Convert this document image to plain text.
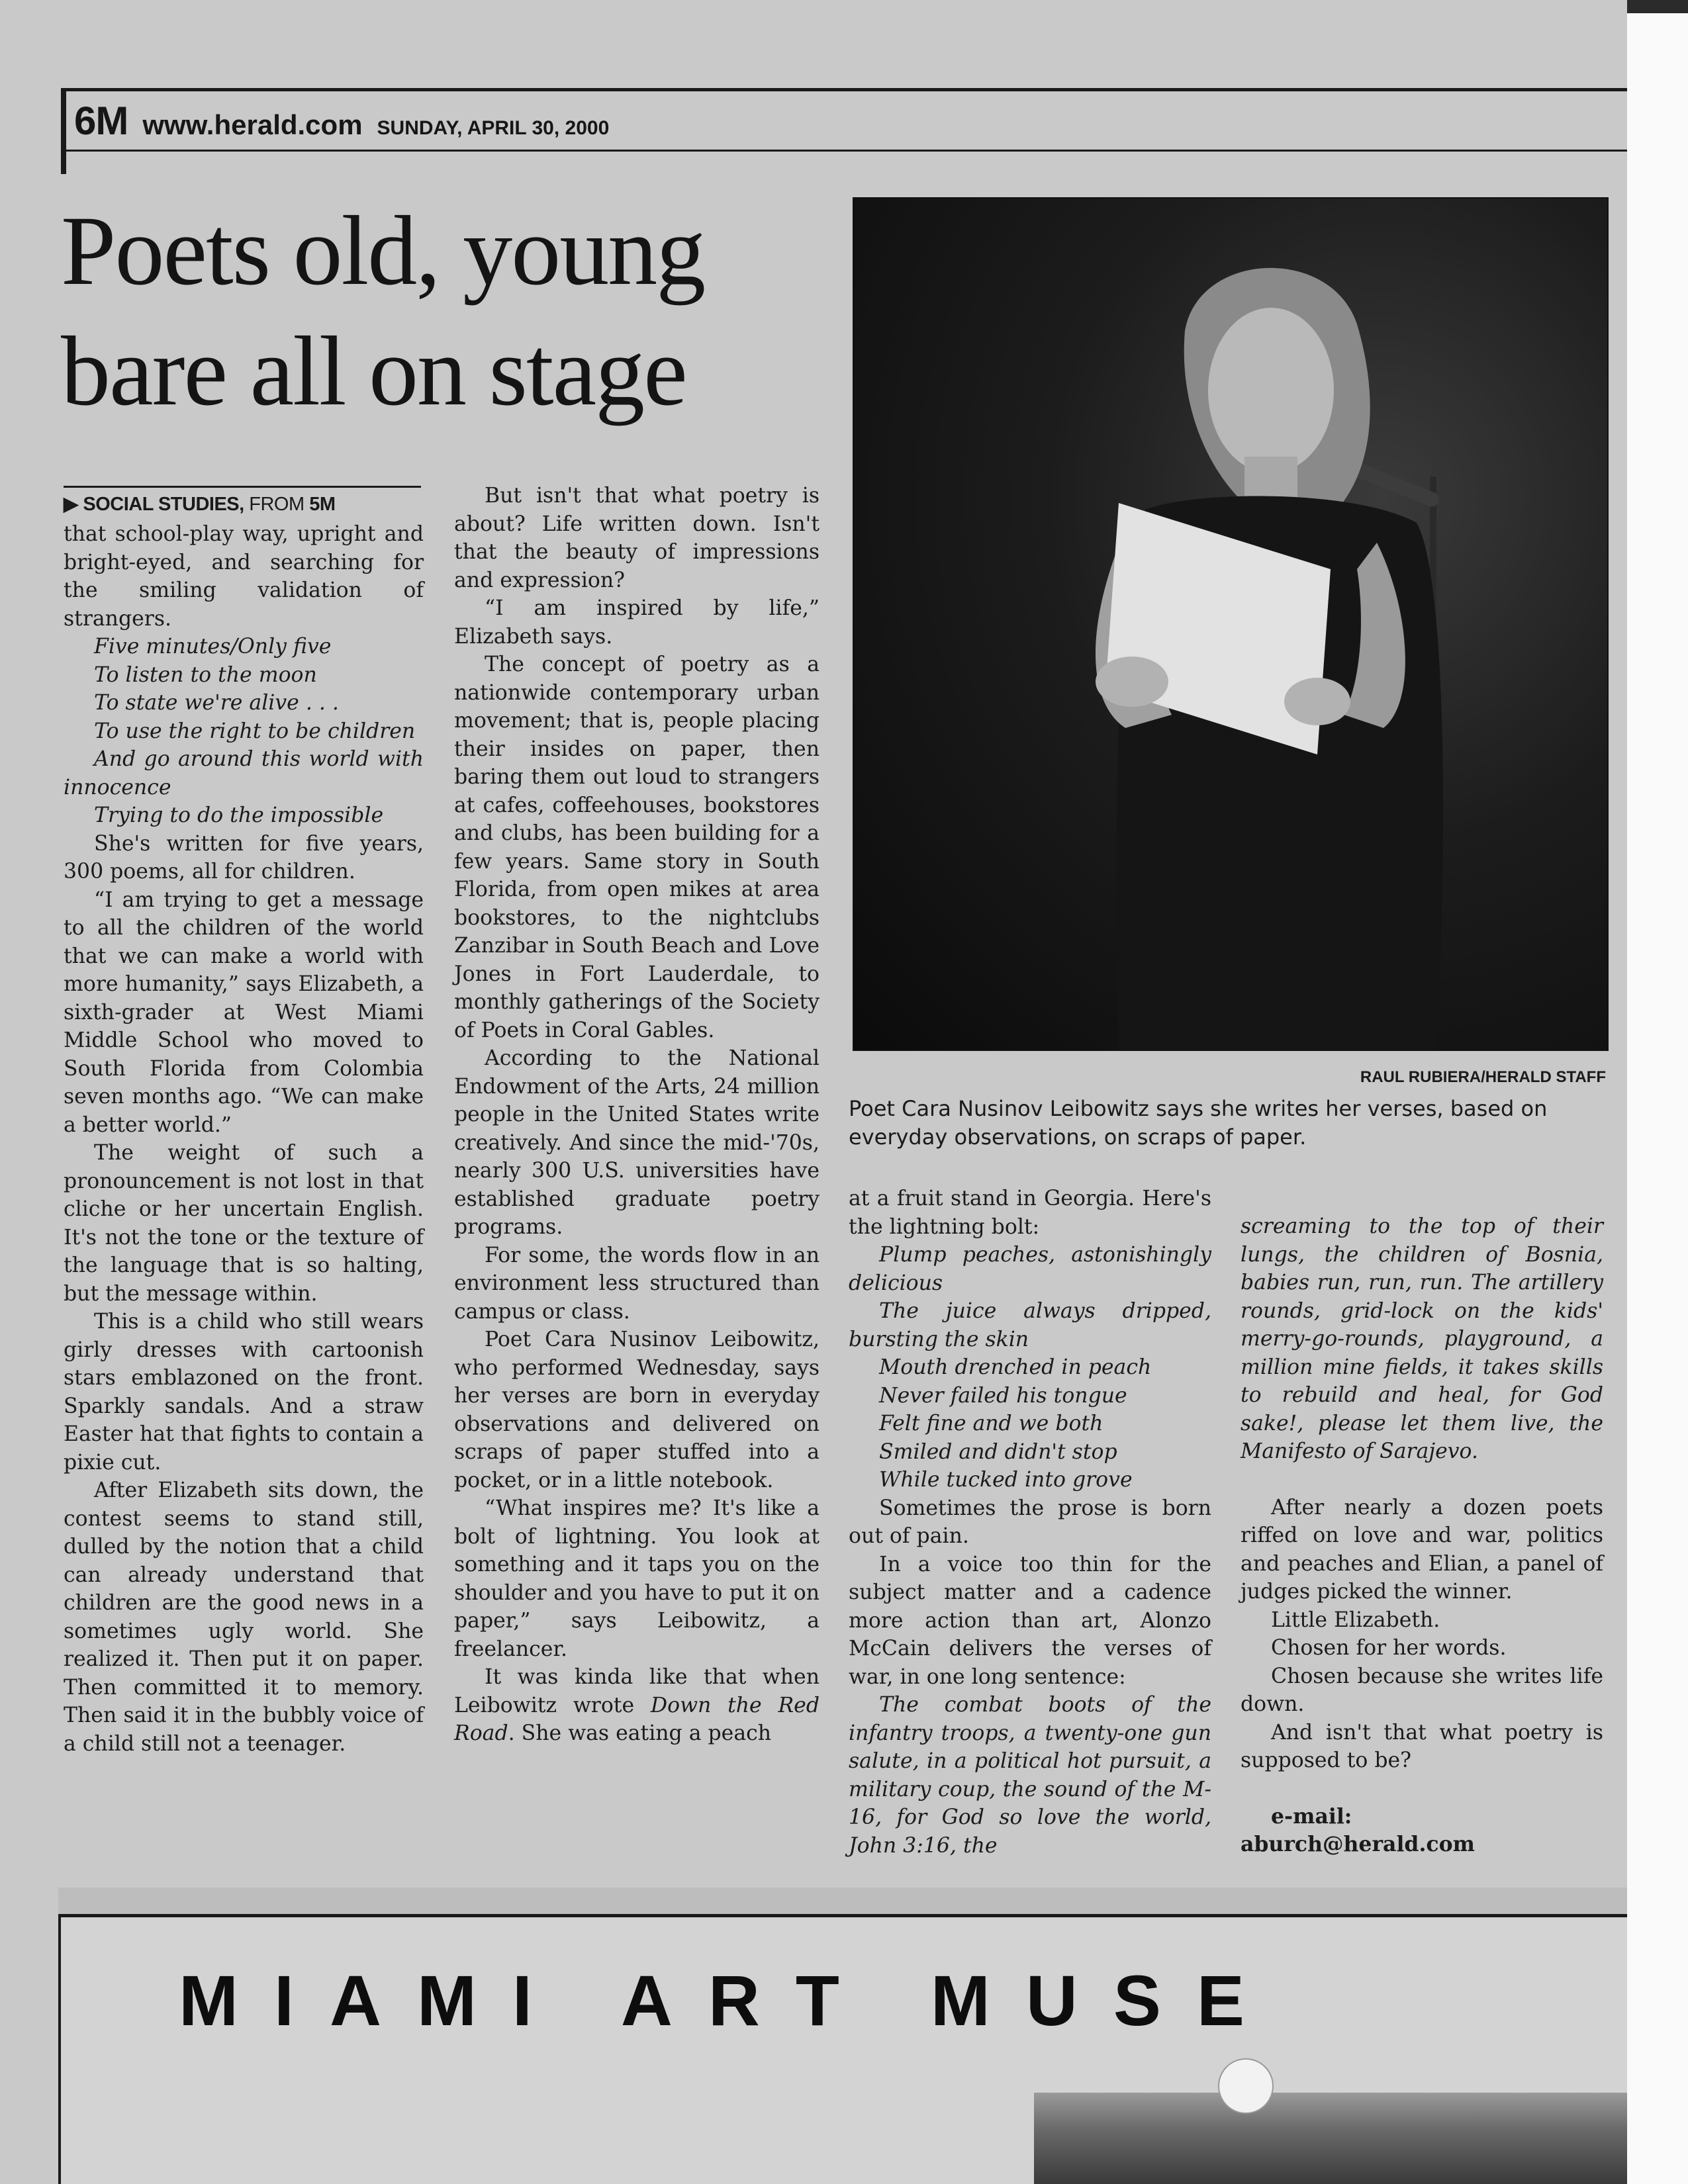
6M www.herald.com SUNDAY, APRIL 30, 2000
Poets old, young
bare all on stage
▶ SOCIAL STUDIES, FROM 5M

that school-play way, upright and bright-eyed, and searching for the smiling validation of strangers.

Five minutes/Only five

To listen to the moon

To state we're alive . . .

To use the right to be children

And go around this world with innocence

Trying to do the impossible

She's written for five years, 300 poems, all for children.

“I am trying to get a message to all the children of the world that we can make a world with more humanity,” says Elizabeth, a sixth-grader at West Miami Middle School who moved to South Florida from Colombia seven months ago. “We can make a better world.”

The weight of such a pronouncement is not lost in that cliche or her uncertain English. It's not the tone or the texture of the language that is so halting, but the message within.

This is a child who still wears girly dresses with cartoonish stars emblazoned on the front. Sparkly sandals. And a straw Easter hat that fights to contain a pixie cut.

After Elizabeth sits down, the contest seems to stand still, dulled by the notion that a child can already understand that children are the good news in a sometimes ugly world. She realized it. Then put it on paper. Then committed it to memory. Then said it in the bubbly voice of a child still not a teenager.

But isn't that what poetry is about? Life written down. Isn't that the beauty of impressions and expression?

“I am inspired by life,” Elizabeth says.

The concept of poetry as a nationwide contemporary urban movement; that is, people placing their insides on paper, then baring them out loud to strangers at cafes, coffeehouses, bookstores and clubs, has been building for a few years. Same story in South Florida, from open mikes at area bookstores, to the nightclubs Zanzibar in South Beach and Love Jones in Fort Lauderdale, to monthly gatherings of the Society of Poets in Coral Gables.

According to the National Endowment of the Arts, 24 million people in the United States write creatively. And since the mid-'70s, nearly 300 U.S. universities have established graduate poetry programs.

For some, the words flow in an environment less structured than campus or class.

Poet Cara Nusinov Leibowitz, who performed Wednesday, says her verses are born in everyday observations and delivered on scraps of paper stuffed into a pocket, or in a little notebook.

“What inspires me? It's like a bolt of lightning. You look at something and it taps you on the shoulder and you have to put it on paper,” says Leibowitz, a freelancer.

It was kinda like that when Leibowitz wrote Down the Red Road. She was eating a peach

RAUL RUBIERA/HERALD STAFF
Poet Cara Nusinov Leibowitz says she writes her verses, based on everyday observations, on scraps of paper.

at a fruit stand in Georgia. Here's the lightning bolt:

Plump peaches, astonishingly delicious

The juice always dripped, bursting the skin

Mouth drenched in peach

Never failed his tongue

Felt fine and we both

Smiled and didn't stop

While tucked into grove

Sometimes the prose is born out of pain.

In a voice too thin for the subject matter and a cadence more action than art, Alonzo McCain delivers the verses of war, in one long sentence:

The combat boots of the infantry troops, a twenty-one gun salute, in a political hot pursuit, a military coup, the sound of the M-16, for God so love the world, John 3:16, the

screaming to the top of their lungs, the children of Bosnia, babies run, run, run. The artillery rounds, grid-lock on the kids' merry-go-rounds, playground, a million mine fields, it takes skills to rebuild and heal, for God sake!, please let them live, the Manifesto of Sarajevo.

After nearly a dozen poets riffed on love and war, politics and peaches and Elian, a panel of judges picked the winner.

Little Elizabeth.

Chosen for her words.

Chosen because she writes life down.

And isn't that what poetry is supposed to be?

e-mail:

aburch@herald.com

MIAMI ART MUSE
